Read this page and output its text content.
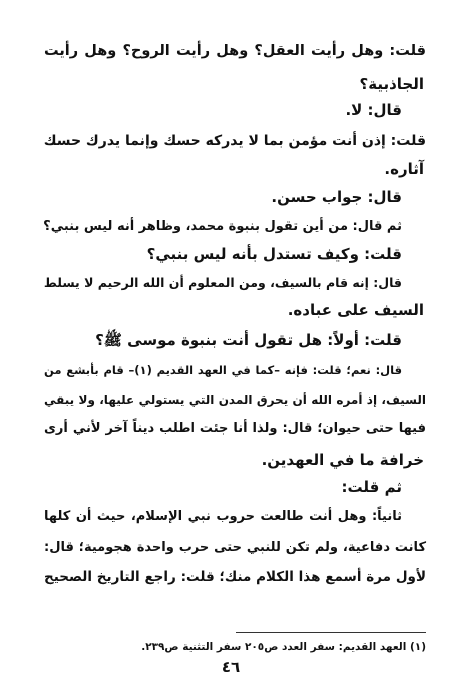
قلت: وهل رأيت العقل؟ وهل رأيت الروح؟ وهل رأيت
الجاذبية؟
قال: لا.
قلت: إذن أنت مؤمن بما لا يدركه حسك وإنما يدرك حسك
آثاره.
قال: جواب حسن.
ثم قال: من أين تقول بنبوة محمد، وظاهر أنه ليس بنبي؟
قلت: وكيف تستدل بأنه ليس بنبي؟
قال: إنه قام بالسيف، ومن المعلوم أن الله الرحيم لا يسلط
السيف على عباده.
قلت: أولاً: هل تقول أنت بنبوة موسى ﷺ؟
قال: نعم؛ قلت: فإنه –كما في العهد القديم (١)– قام بأبشع من
السيف، إذ أمره الله أن يحرق المدن التي يستولي عليها، ولا يبقي
فيها حتى حيوان؛ قال: ولذا أنا جئت اطلب ديناً آخر لأني أرى
خرافة ما في العهدين.
ثم قلت:
ثانياً: وهل أنت طالعت حروب نبي الإسلام، حيث أن كلها
كانت دفاعية، ولم تكن للنبي حتى حرب واحدة هجومية؛ قال:
لأول مرة أسمع هذا الكلام منك؛ قلت: راجع التاريخ الصحيح
(١) العهد القديم: سفر العدد ص٢٠٥ سفر التثنية ص٢٣٩.
٤٦
